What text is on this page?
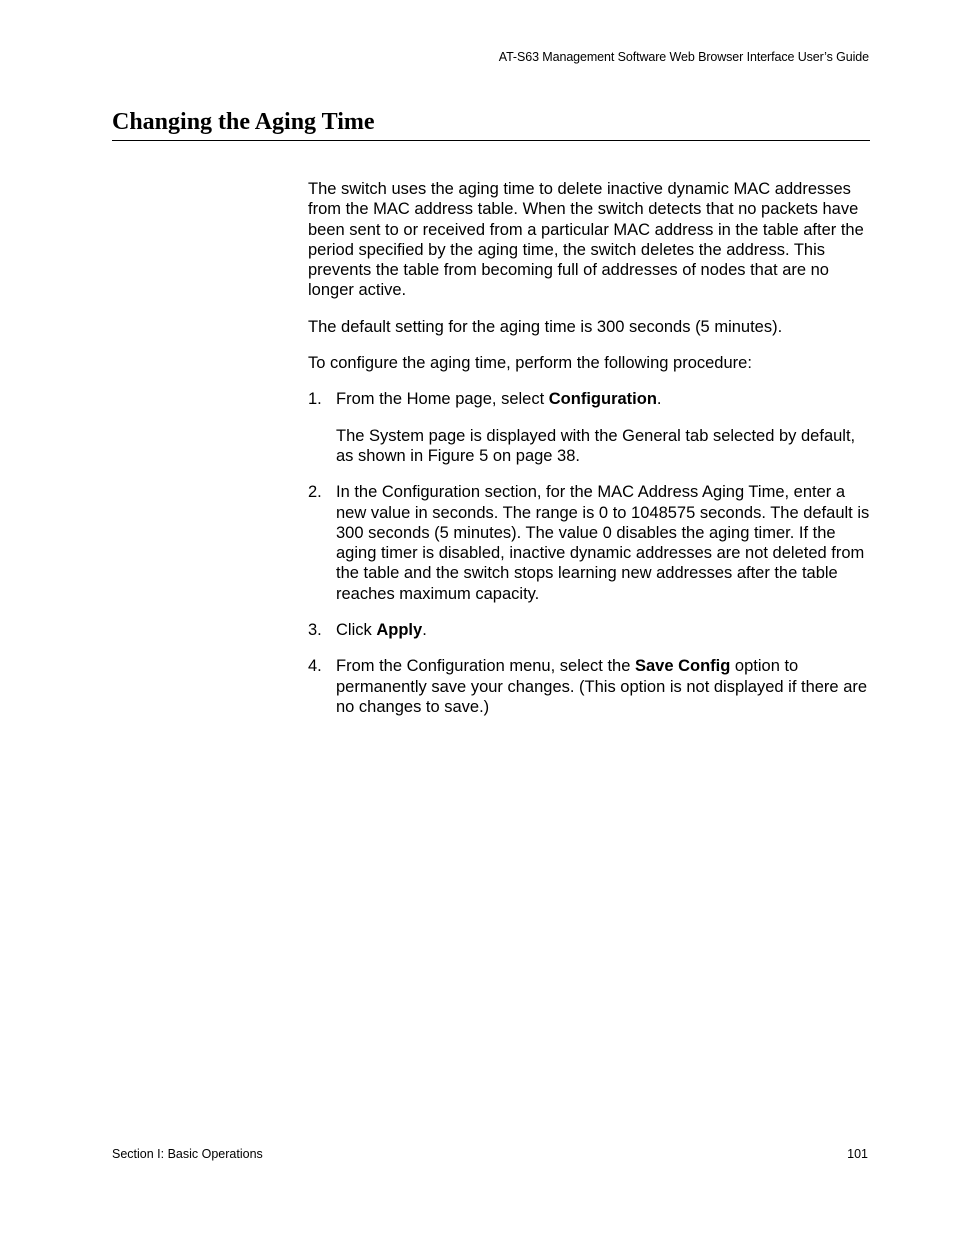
AT-S63 Management Software Web Browser Interface User’s Guide
Changing the Aging Time

The switch uses the aging time to delete inactive dynamic MAC addresses from the MAC address table. When the switch detects that no packets have been sent to or received from a particular MAC address in the table after the period specified by the aging time, the switch deletes the address. This prevents the table from becoming full of addresses of nodes that are no longer active.

The default setting for the aging time is 300 seconds (5 minutes).

To configure the aging time, perform the following procedure:

1. From the Home page, select Configuration.

The System page is displayed with the General tab selected by default, as shown in Figure 5 on page 38.

2. In the Configuration section, for the MAC Address Aging Time, enter a new value in seconds. The range is 0 to 1048575 seconds. The default is 300 seconds (5 minutes). The value 0 disables the aging timer. If the aging timer is disabled, inactive dynamic addresses are not deleted from the table and the switch stops learning new addresses after the table reaches maximum capacity.

3. Click Apply.

4. From the Configuration menu, select the Save Config option to permanently save your changes. (This option is not displayed if there are no changes to save.)

Section I: Basic Operations	101
